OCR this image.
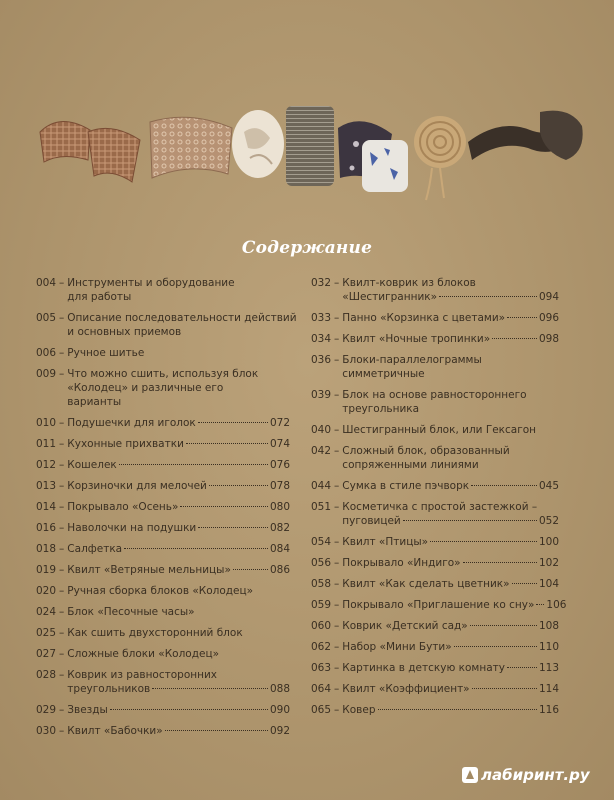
Содержание
004 – Инструменты и оборудование
для работы
005 – Описание последовательности действий
и основных приемов
006 – Ручное шитье
009 – Что можно сшить, используя блок
«Колодец» и различные его
варианты
010 – Подушечки для иголок	072
011 – Кухонные прихватки	074
012 – Кошелек	076
013 – Корзиночки для мелочей	078
014 – Покрывало «Осень»	080
016 – Наволочки на подушки	082
018 – Салфетка	084
019 – Квилт «Ветряные мельницы»	086
020 – Ручная сборка блоков «Колодец»
024 – Блок «Песочные часы»
025 – Как сшить двухсторонний блок
027 – Сложные блоки «Колодец»
028 – Коврик из равносторонних
треугольников	088
029 – Звезды	090
030 – Квилт «Бабочки»	092
032 – Квилт-коврик из блоков
«Шестигранник»	094
033 – Панно «Корзинка с цветами»	096
034 – Квилт «Ночные тропинки»	098
036 – Блоки-параллелограммы
симметричные
039 – Блок на основе равностороннего
треугольника
040 – Шестигранный блок, или Гексагон
042 – Сложный блок, образованный
сопряженными линиями
044 – Сумка в стиле пэчворк	045
051 – Косметичка с простой застежкой –
пуговицей	052
054 – Квилт «Птицы»	100
056 – Покрывало «Индиго»	102
058 – Квилт «Как сделать цветник»	104
059 – Покрывало «Приглашение ко сну» 106
060 – Коврик «Детский сад»	108
062 – Набор «Мини Бути»	110
063 – Картинка в детскую комнату	113
064 – Квилт «Коэффициент»	114
065 – Ковер	116
лабиринт.ру
